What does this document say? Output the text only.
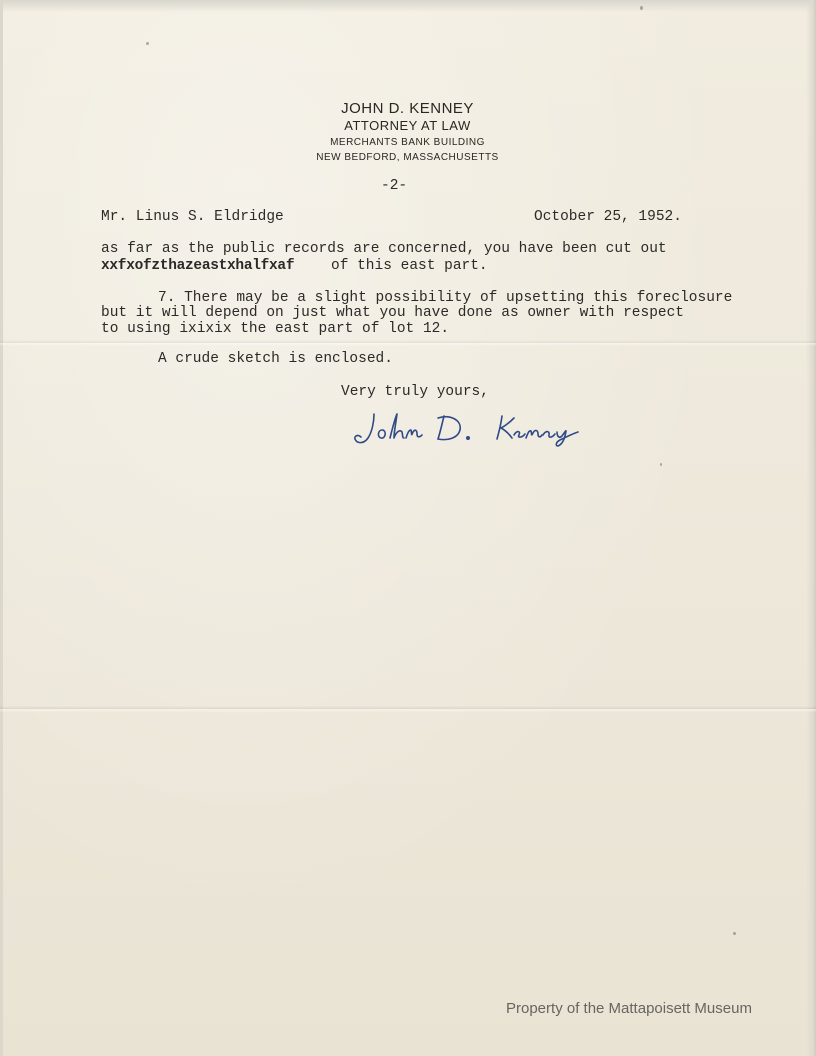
JOHN D. KENNEY
ATTORNEY AT LAW
MERCHANTS BANK BUILDING
NEW BEDFORD, MASSACHUSETTS
-2-
Mr. Linus S. Eldridge	October 25, 1952.
as far as the public records are concerned, you have been cut out
xxfxofzthazeastxhalfxaf	of this east part.
7. There may be a slight possibility of upsetting this foreclosure
but it will depend on just what you have done as owner with respect
to using ixixix the east part of lot 12.
A crude sketch is enclosed.
Very truly yours,
Property of the Mattapoisett Museum
